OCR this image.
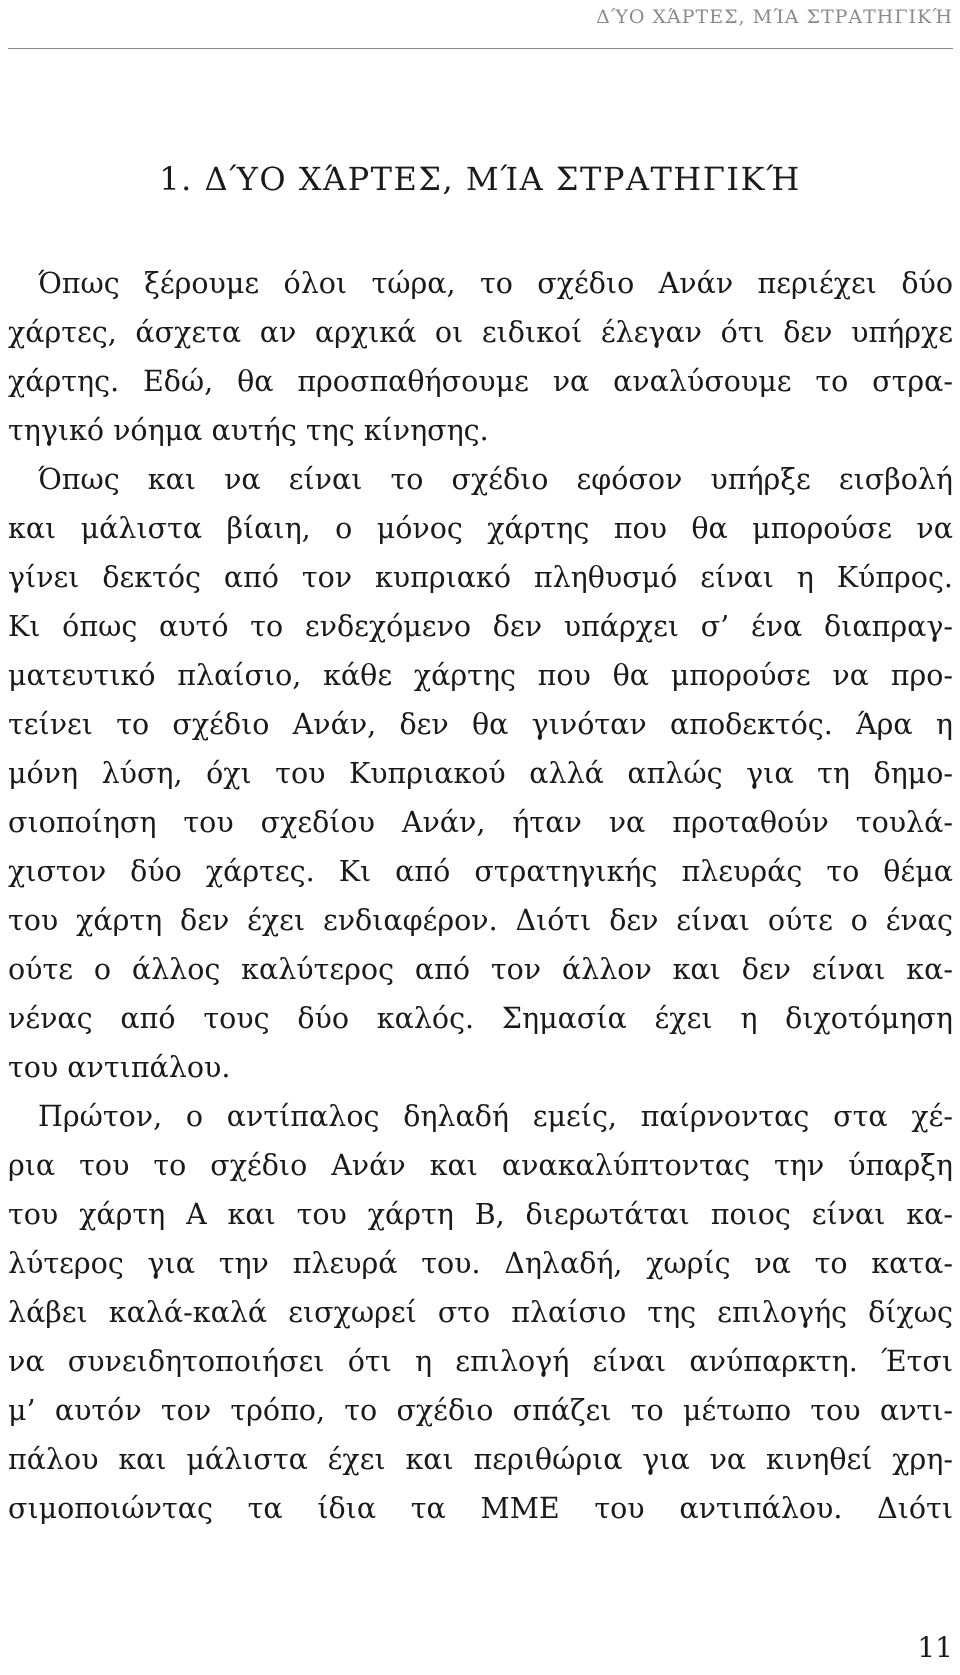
ΔΎΟ ΧΆΡΤΕΣ, ΜΊΑ ΣΤΡΑΤΗΓΙΚΉ
1. ΔΎΟ ΧΆΡΤΕΣ, ΜΊΑ ΣΤΡΑΤΗΓΙΚΉ
Όπως ξέρουμε όλοι τώρα, το σχέδιο Ανάν περιέχει δύο
χάρτες, άσχετα αν αρχικά οι ειδικοί έλεγαν ότι δεν υπήρχε
χάρτης. Εδώ, θα προσπαθήσουμε να αναλύσουμε το στρα-
τηγικό νόημα αυτής της κίνησης.
Όπως και να είναι το σχέδιο εφόσον υπήρξε εισβολή
και μάλιστα βίαιη, ο μόνος χάρτης που θα μπορούσε να
γίνει δεκτός από τον κυπριακό πληθυσμό είναι η Κύπρος.
Κι όπως αυτό το ενδεχόμενο δεν υπάρχει σ’ ένα διαπραγ-
ματευτικό πλαίσιο, κάθε χάρτης που θα μπορούσε να προ-
τείνει το σχέδιο Ανάν, δεν θα γινόταν αποδεκτός. Άρα η
μόνη λύση, όχι του Κυπριακού αλλά απλώς για τη δημο-
σιοποίηση του σχεδίου Ανάν, ήταν να προταθούν τουλά-
χιστον δύο χάρτες. Κι από στρατηγικής πλευράς το θέμα
του χάρτη δεν έχει ενδιαφέρον. Διότι δεν είναι ούτε ο ένας
ούτε ο άλλος καλύτερος από τον άλλον και δεν είναι κα-
νένας από τους δύο καλός. Σημασία έχει η διχοτόμηση
του αντιπάλου.
Πρώτον, ο αντίπαλος δηλαδή εμείς, παίρνοντας στα χέ-
ρια του το σχέδιο Ανάν και ανακαλύπτοντας την ύπαρξη
του χάρτη Α και του χάρτη Β, διερωτάται ποιος είναι κα-
λύτερος για την πλευρά του. Δηλαδή, χωρίς να το κατα-
λάβει καλά-καλά εισχωρεί στο πλαίσιο της επιλογής δίχως
να συνειδητοποιήσει ότι η επιλογή είναι ανύπαρκτη. Έτσι
μ’ αυτόν τον τρόπο, το σχέδιο σπάζει το μέτωπο του αντι-
πάλου και μάλιστα έχει και περιθώρια για να κινηθεί χρη-
σιμοποιώντας τα ίδια τα ΜΜΕ του αντιπάλου. Διότι
11
